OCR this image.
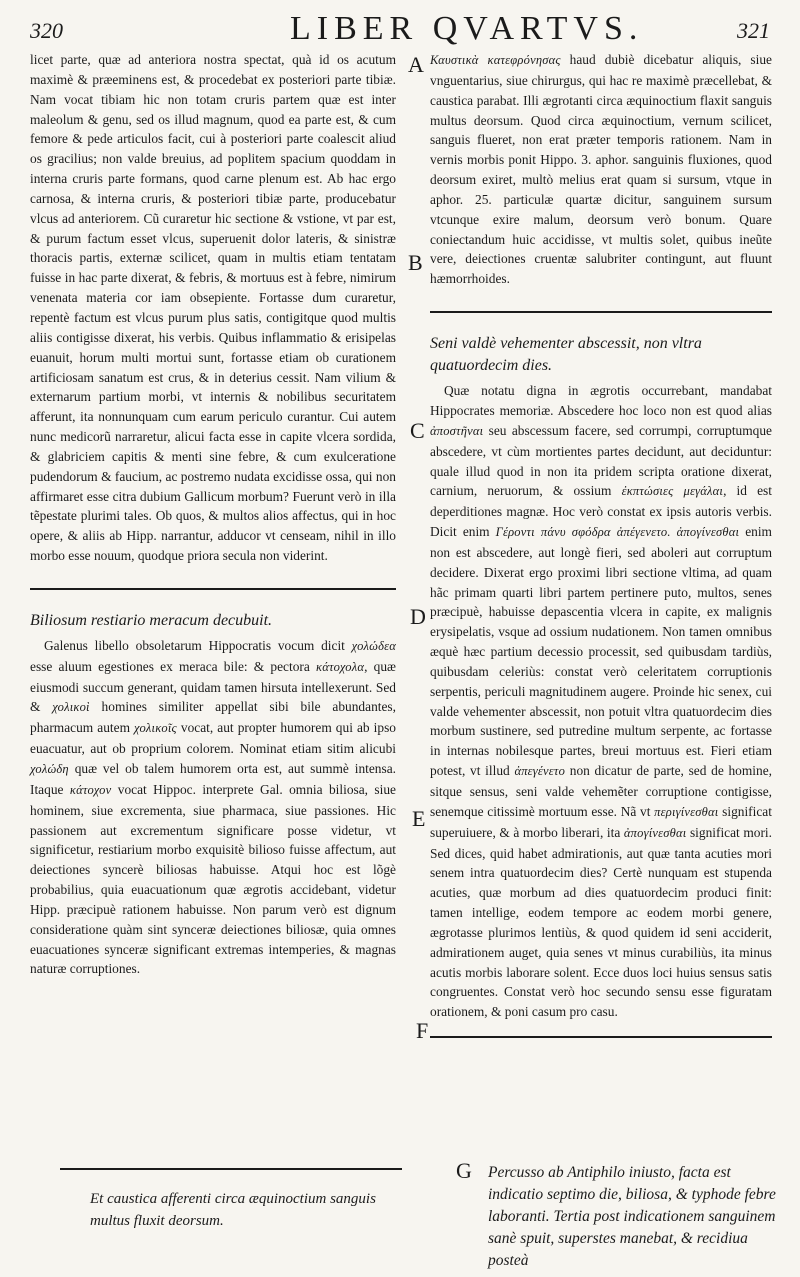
320	LIBER QVARTVS.	321
A
B
C
D
E
F
G

licet parte, quæ ad anteriora nostra spectat, quà id os acutum maximè & præeminens est, & procedebat ex posteriori parte tibiæ. Nam vocat tibiam hic non totam cruris partem quæ est inter maleolum & genu, sed os illud magnum, quod ea parte est, & cum femore & pede articulos facit, cui à posteriori parte coalescit aliud os gracilius; non valde breuius, ad poplitem spacium quoddam in interna cruris parte formans, quod carne plenum est. Ab hac ergo carnosa, & interna cruris, & posteriori tibiæ parte, producebatur vlcus ad anteriorem. Cũ curaretur hic sectione & vstione, vt par est, & purum factum esset vlcus, superuenit dolor lateris, & sinistræ thoracis partis, externæ scilicet, quam in multis etiam tentatam fuisse in hac parte dixerat, & febris, & mortuus est à febre, nimirum venenata materia cor iam obsepiente. Fortasse dum curaretur, repentè factum est vlcus purum plus satis, contigitque quod multis aliis contigisse dixerat, his verbis. Quibus inflammatio & erisipelas euanuit, horum multi mortui sunt, fortasse etiam ob curationem artificiosam sanatum est crus, & in deterius cessit. Nam vilium & externarum partium morbi, vt internis & nobilibus securitatem afferunt, ita nonnunquam cum earum periculo curantur. Cui autem nunc medicorũ narraretur, alicui facta esse in capite vlcera sordida, & glabriciem capitis & menti sine febre, & cum exulceratione pudendorum & faucium, ac postremo nudata excidisse ossa, qui non affirmaret esse citra dubium Gallicum morbum? Fuerunt verò in illa tẽpestate plurimi tales. Ob quos, & multos alios affectus, qui in hoc opere, & aliis ab Hipp. narrantur, adducor vt censeam, nihil in illo morbo esse nouum, quodque priora secula non viderint.

Biliosum restiario meracum decubuit.

Galenus libello obsoletarum Hippocratis vocum dicit χολώδεα esse aluum egestiones ex meraca bile: & pectora κάτοχολα, quæ eiusmodi succum generant, quidam tamen hirsuta intellexerunt. Sed & χολικοὶ homines similiter appellat sibi bile abundantes, pharmacum autem χολικοῖς vocat, aut propter humorem qui ab ipso euacuatur, aut ob proprium colorem. Nominat etiam sitim alicubi χολώδη quæ vel ob talem humorem orta est, aut summè intensa. Itaque κάτοχον vocat Hippoc. interprete Gal. omnia biliosa, siue hominem, siue excrementa, siue pharmaca, siue passiones. Hic passionem aut excrementum significare posse videtur, vt significetur, restiarium morbo exquisitè bilioso fuisse affectum, aut deiectiones syncerè biliosas habuisse. Atqui hoc est lõgè probabilius, quia euacuationum quæ ægrotis accidebant, videtur Hipp. præcipuè rationem habuisse. Non parum verò est dignum consideratione quàm sint synceræ deiectiones biliosæ, quia omnes euacuationes synceræ significant extremas intemperies, & magnas naturæ corruptiones.

Καυστικὰ κατεφρόνησας haud dubiè dicebatur aliquis, siue vnguentarius, siue chirurgus, qui hac re maximè præcellebat, & caustica parabat. Illi ægrotanti circa æquinoctium flaxit sanguis multus deorsum. Quod circa æquinoctium, vernum scilicet, sanguis flueret, non erat præter temporis rationem. Nam in vernis morbis ponit Hippo. 3. aphor. sanguinis fluxiones, quod deorsum exiret, multò melius erat quam si sursum, vtque in aphor. 25. particulæ quartæ dicitur, sanguinem sursum vtcunque exire malum, deorsum verò bonum. Quare coniectandum huic accidisse, vt multis solet, quibus ineũte vere, deiectiones cruentæ salubriter contingunt, aut fluunt hæmorrhoides.

Seni valdè vehementer abscessit, non vltra quatuordecim dies.

Quæ notatu digna in ægrotis occurrebant, mandabat Hippocrates memoriæ. Abscedere hoc loco non est quod alias ἀποστῆναι seu abscessum facere, sed corrumpi, corruptumque abscedere, vt cùm mortientes partes decidunt, aut deciduntur: quale illud quod in non ita pridem scripta oratione dixerat, carnium, neruorum, & ossium ἐκπτώσιες μεγάλαι, id est deperditiones magnæ. Hoc verò constat ex ipsis autoris verbis. Dicit enim Γέροντι πάνυ σφόδρα ἀπέγενετο. ἀπογίνεσθαι enim non est abscedere, aut longè fieri, sed aboleri aut corruptum decidere. Dixerat ergo proximi libri sectione vltima, ad quam hãc primam quarti libri partem pertinere puto, multos, senes præcipuè, habuisse depascentia vlcera in capite, ex malignis erysipelatis, vsque ad ossium nudationem. Non tamen omnibus æquè hæc partium decessio processit, sed quibusdam tardiùs, quibusdam celeriùs: constat verò celeritatem corruptionis serpentis, periculi magnitudinem augere. Proinde hic senex, cui valde vehementer abscessit, non potuit vltra quatuordecim dies morbum sustinere, sed putredine multum serpente, ac fortasse in internas nobilesque partes, breui mortuus est. Fieri etiam potest, vt illud ἀπεγένετο non dicatur de parte, sed de homine, sitque sensus, seni valde vehemẽter corruptione contigisse, senemque citissimè mortuum esse. Nã vt περιγίνεσθαι significat superuiuere, & à morbo liberari, ita ἀπογίνεσθαι significat mori. Sed dices, quid habet admirationis, aut quæ tanta acuties mori senem intra quatuordecim dies? Certè nunquam est stupenda acuties, quæ morbum ad dies quatuordecim produci finit: tamen intellige, eodem tempore ac eodem morbi genere, ægrotasse plurimos lentiùs, & quod quidem id seni acciderit, admirationem auget, quia senes vt minus curabiliùs, ita minus acutis morbis laborare solent. Ecce duos loci huius sensus satis congruentes. Constat verò hoc secundo sensu esse figuratam orationem, & poni casum pro casu.

Et caustica afferenti circa æquinoctium sanguis multus fluxit deorsum.
Percusso ab Antiphilo iniusto, facta est indicatio septimo die, biliosa, & typhode febre laboranti. Tertia post indicationem sanguinem sanè spuit, superstes manebat, & recidiua posteà
